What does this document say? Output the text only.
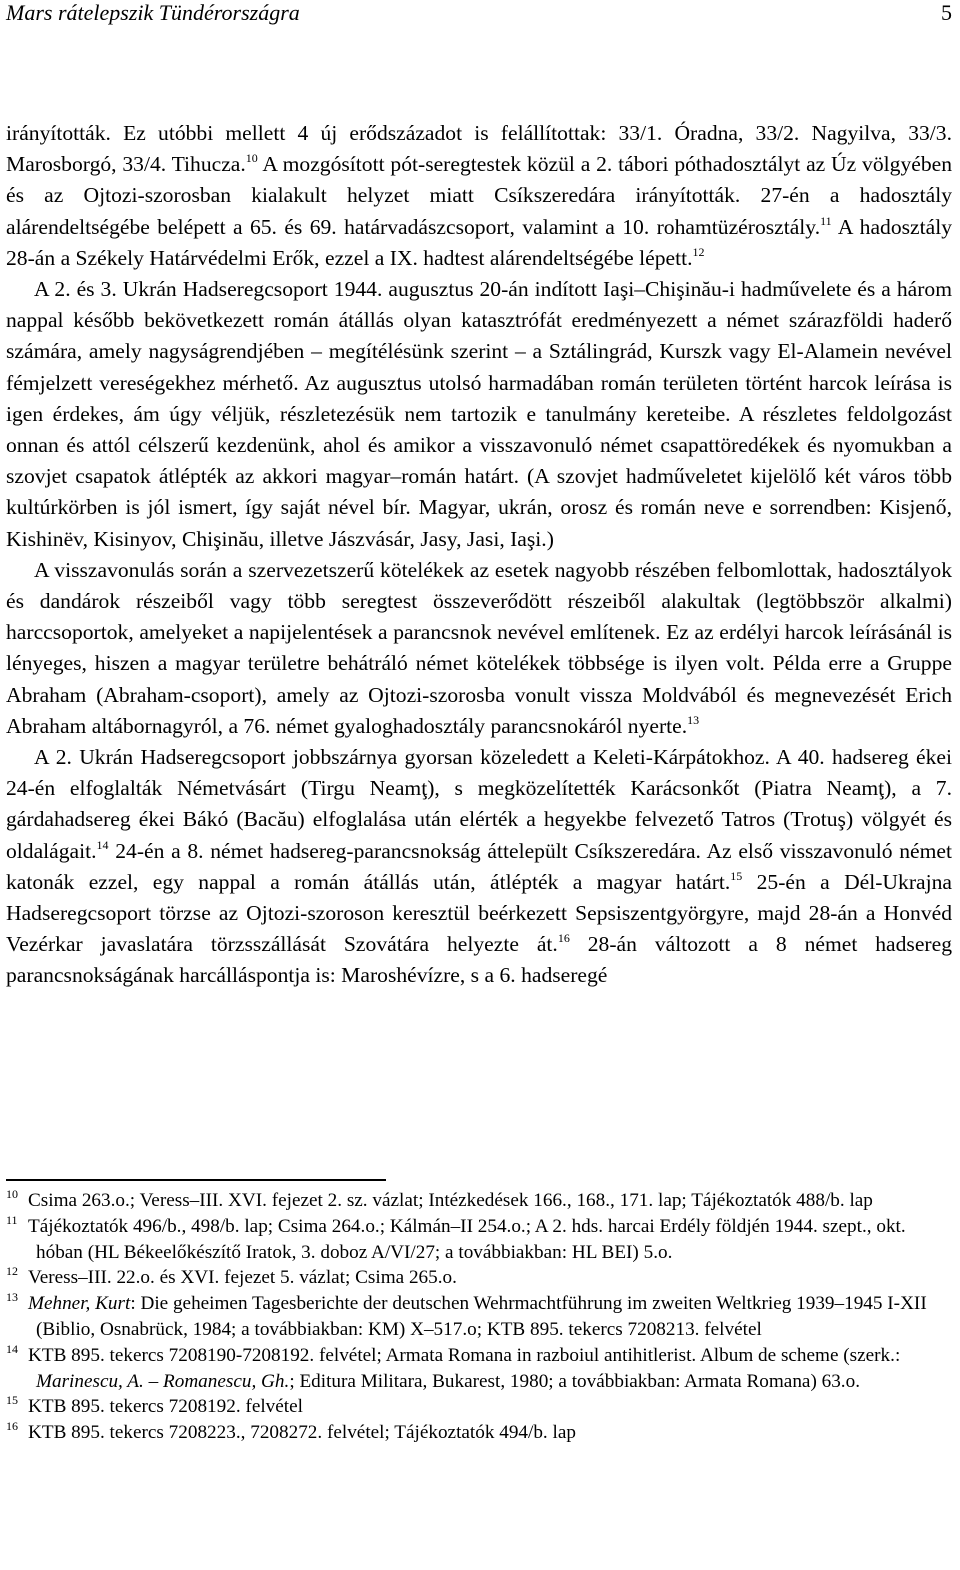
Mars rátelepszik Tündérországra	5

irányították. Ez utóbbi mellett 4 új erődszázadot is felállítottak: 33/1. Óradna, 33/2. Nagyilva, 33/3. Marosborgó, 33/4. Tihucza.$^{10}$ A mozgósított pót-seregtestek közül a 2. tábori póthadosztályt az Úz völgyében és az Ojtozi-szorosban kialakult helyzet miatt Csíkszeredára irányították. 27-én a hadosztály alárendeltségébe belépett a 65. és 69. határvadászcsoport, valamint a 10. rohamtüzérosztály.$^{11}$ A hadosztály 28-án a Székely Határvédelmi Erők, ezzel a IX. hadtest alárendeltségébe lépett.$^{12}$

A 2. és 3. Ukrán Hadseregcsoport 1944. augusztus 20-án indított Iaşi–Chişinău-i hadművelete és a három nappal később bekövetkezett román átállás olyan katasztrófát eredményezett a német szárazföldi haderő számára, amely nagyságrendjében – megítélésünk szerint – a Sztálingrád, Kurszk vagy El-Alamein nevével fémjelzett vereségekhez mérhető. Az augusztus utolsó harmadában román területen történt harcok leírása is igen érdekes, ám úgy véljük, részletezésük nem tartozik e tanulmány kereteibe. A részletes feldolgozást onnan és attól célszerű kezdenünk, ahol és amikor a visszavonuló német csapattöredékek és nyomukban a szovjet csapatok átlépték az akkori magyar–román határt. (A szovjet hadműveletet kijelölő két város több kultúrkörben is jól ismert, így saját nével bír. Magyar, ukrán, orosz és román neve e sorrendben: Kisjenő, Kishinëv, Kisinyov, Chişinău, illetve Jászvásár, Jasy, Jasi, Iaşi.)

A visszavonulás során a szervezetszerű kötelékek az esetek nagyobb részében felbomlottak, hadosztályok és dandárok részeiből vagy több seregtest összeverődött részeiből alakultak (legtöbbször alkalmi) harccsoportok, amelyeket a napijelentések a parancsnok nevével említenek. Ez az erdélyi harcok leírásánál is lényeges, hiszen a magyar területre behátráló német kötelékek többsége is ilyen volt. Példa erre a Gruppe Abraham (Abraham-csoport), amely az Ojtozi-szorosba vonult vissza Moldvából és megnevezését Erich Abraham altábornagyról, a 76. német gyaloghadosztály parancsnokáról nyerte.$^{13}$

A 2. Ukrán Hadseregcsoport jobbszárnya gyorsan közeledett a Keleti-Kárpátokhoz. A 40. hadsereg ékei 24-én elfoglalták Németvásárt (Tirgu Neamţ), s megközelítették Karácsonkőt (Piatra Neamţ), a 7. gárdahadsereg ékei Bákó (Bacău) elfoglalása után elérték a hegyekbe felvezető Tatros (Trotuş) völgyét és oldalágait.$^{14}$ 24-én a 8. német hadsereg-parancsnokság áttelepült Csíkszeredára. Az első visszavonuló német katonák ezzel, egy nappal a román átállás után, átlépték a magyar határt.$^{15}$ 25-én a Dél-Ukrajna Hadseregcsoport törzse az Ojtozi-szoroson keresztül beérkezett Sepsiszentgyörgyre, majd 28-án a Honvéd Vezérkar javaslatára törzsszállását Szovátára helyezte át.$^{16}$ 28-án változott a 8 német hadsereg parancsnokságának harcálláspontja is: Maroshévízre, s a 6. hadseregé

10 Csima 263.o.; Veress–III. XVI. fejezet 2. sz. vázlat; Intézkedések 166., 168., 171. lap; Tájékoztatók 488/b. lap
11 Tájékoztatók 496/b., 498/b. lap; Csima 264.o.; Kálmán–II 254.o.; A 2. hds. harcai Erdély földjén 1944. szept., okt. hóban (HL Békeelőkészítő Iratok, 3. doboz A/VI/27; a továbbiakban: HL BEI) 5.o.
12 Veress–III. 22.o. és XVI. fejezet 5. vázlat; Csima 265.o.
13 Mehner, Kurt: Die geheimen Tagesberichte der deutschen Wehrmachtführung im zweiten Weltkrieg 1939–1945 I-XII (Biblio, Osnabrück, 1984; a továbbiakban: KM) X–517.o; KTB 895. tekercs 7208213. felvétel
14 KTB 895. tekercs 7208190-7208192. felvétel; Armata Romana in razboiul antihitlerist. Album de scheme (szerk.: Marinescu, A. – Romanescu, Gh.; Editura Militara, Bukarest, 1980; a továbbiakban: Armata Romana) 63.o.
15 KTB 895. tekercs 7208192. felvétel
16 KTB 895. tekercs 7208223., 7208272. felvétel; Tájékoztatók 494/b. lap
